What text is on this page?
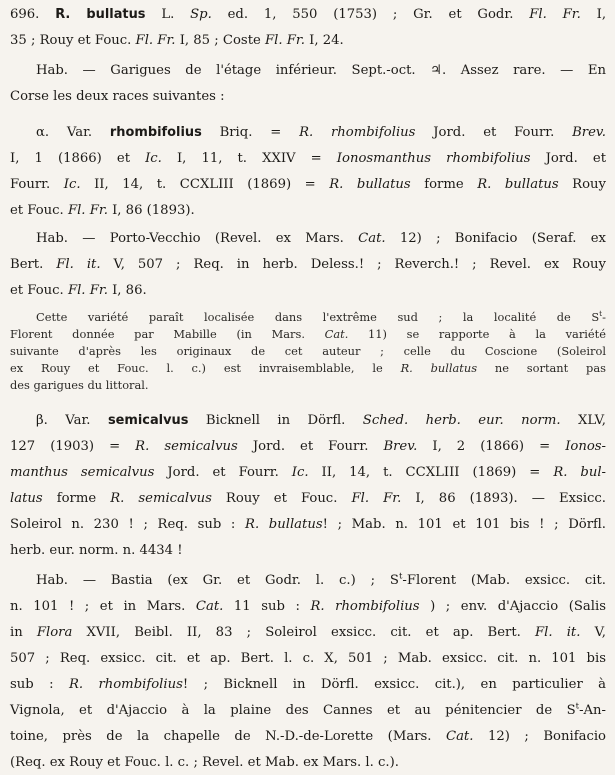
696. R. bullatus L. Sp. ed. 1, 550 (1753) ; Gr. et Godr. Fl. Fr. I,
35 ; Rouy et Fouc. Fl. Fr. I, 85 ; Coste Fl. Fr. I, 24.
Hab. — Garigues de l'étage inférieur. Sept.-oct. ♃. Assez rare. — En
Corse les deux races suivantes :
α. Var. rhombifolius Briq. = R. rhombifolius Jord. et Fourr. Brev.
I, 1 (1866) et Ic. I, 11, t. XXIV = Ionosmanthus rhombifolius Jord. et
Fourr. Ic. II, 14, t. CCXLIII (1869) = R. bullatus forme R. bullatus Rouy
et Fouc. Fl. Fr. I, 86 (1893).
Hab. — Porto-Vecchio (Revel. ex Mars. Cat. 12) ; Bonifacio (Seraf. ex
Bert. Fl. it. V, 507 ; Req. in herb. Deless.! ; Reverch.! ; Revel. ex Rouy
et Fouc. Fl. Fr. I, 86.
Cette variété paraît localisée dans l'extrême sud ; la localité de $S^t-$
Florent donnée par Mabille (in Mars. Cat. 11) se rapporte à la variété
suivante d'après les originaux de cet auteur ; celle du Coscione (Soleirol
ex Rouy et Fouc. l. c.) est invraisemblable, le R. bullatus ne sortant pas
des garigues du littoral.
β. Var. semicalvus Bicknell in Dörfl. Sched. herb. eur. norm. XLV,
127 (1903) = R. semicalvus Jord. et Fourr. Brev. I, 2 (1866) = Ionos-
manthus semicalvus Jord. et Fourr. Ic. II, 14, t. CCXLIII (1869) = R. bul-
latus forme R. semicalvus Rouy et Fouc. Fl. Fr. I, 86 (1893). — Exsicc.
Soleirol n. 230 ! ; Req. sub : R. bullatus! ; Mab. n. 101 et 101 bis ! ; Dörfl.
herb. eur. norm. n. 4434 !
Hab. — Bastia (ex Gr. et Godr. l. c.) ; $S^t$-Florent (Mab. exsicc. cit.
n. 101 ! ; et in Mars. Cat. 11 sub : R. rhombifolius ) ; env. d'Ajaccio (Salis
in Flora XVII, Beibl. II, 83 ; Soleirol exsicc. cit. et ap. Bert. Fl. it. V,
507 ; Req. exsicc. cit. et ap. Bert. l. c. X, 501 ; Mab. exsicc. cit. n. 101 bis
sub : R. rhombifolius! ; Bicknell in Dörfl. exsicc. cit.), en particulier à
Vignola, et d'Ajaccio à la plaine des Cannes et au pénitencier de $S^t-An-$
toine, près de la chapelle de N.-D.-de-Lorette (Mars. Cat. 12) ; Bonifacio
(Req. ex Rouy et Fouc. l. c. ; Revel. et Mab. ex Mars. l. c.).
